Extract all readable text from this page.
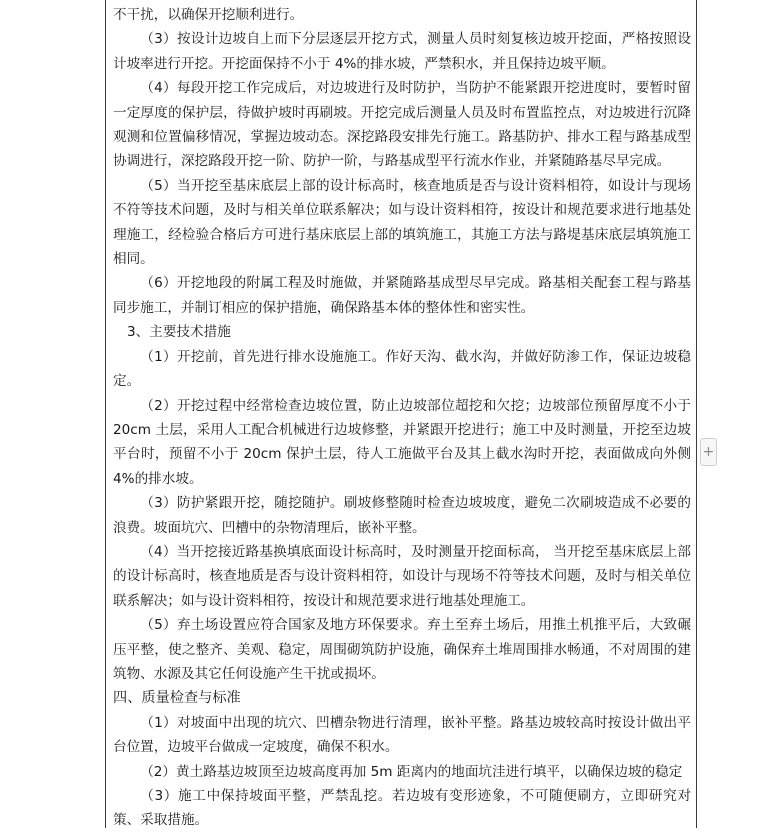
不干扰，以确保开挖顺利进行。

（3）按设计边坡自上而下分层逐层开挖方式，测量人员时刻复核边坡开挖面，严格按照设计坡率进行开挖。开挖面保持不小于 4%的排水坡，严禁积水，并且保持边坡平顺。

（4）每段开挖工作完成后，对边坡进行及时防护，当防护不能紧跟开挖进度时，要暂时留一定厚度的保护层，待做护坡时再刷坡。开挖完成后测量人员及时布置监控点，对边坡进行沉降观测和位置偏移情况，掌握边坡动态。深挖路段安排先行施工。路基防护、排水工程与路基成型协调进行，深挖路段开挖一阶、防护一阶，与路基成型平行流水作业，并紧随路基尽早完成。

（5）当开挖至基床底层上部的设计标高时，核查地质是否与设计资料相符，如设计与现场不符等技术问题，及时与相关单位联系解决；如与设计资料相符，按设计和规范要求进行地基处理施工，经检验合格后方可进行基床底层上部的填筑施工，其施工方法与路堤基床底层填筑施工相同。

（6）开挖地段的附属工程及时施做，并紧随路基成型尽早完成。路基相关配套工程与路基同步施工，并制订相应的保护措施，确保路基本体的整体性和密实性。

3、主要技术措施

（1）开挖前，首先进行排水设施施工。作好天沟、截水沟，并做好防渗工作，保证边坡稳定。

（2）开挖过程中经常检查边坡位置，防止边坡部位超挖和欠挖；边坡部位预留厚度不小于 20cm 土层，采用人工配合机械进行边坡修整，并紧跟开挖进行；施工中及时测量，开挖至边坡平台时，预留不小于 20cm 保护土层，待人工施做平台及其上截水沟时开挖，表面做成向外侧 4%的排水坡。

（3）防护紧跟开挖，随挖随护。刷坡修整随时检查边坡坡度，避免二次刷坡造成不必要的浪费。坡面坑穴、凹槽中的杂物清理后，嵌补平整。

（4）当开挖接近路基换填底面设计标高时，及时测量开挖面标高， 当开挖至基床底层上部的设计标高时，核查地质是否与设计资料相符，如设计与现场不符等技术问题，及时与相关单位联系解决；如与设计资料相符，按设计和规范要求进行地基处理施工。

（5）弃土场设置应符合国家及地方环保要求。弃土至弃土场后，用推土机推平后，大致碾压平整，使之整齐、美观、稳定，周围砌筑防护设施，确保弃土堆周围排水畅通，不对周围的建筑物、水源及其它任何设施产生干扰或损坏。

四、质量检查与标准

（1）对坡面中出现的坑穴、凹槽杂物进行清理，嵌补平整。路基边坡较高时按设计做出平台位置，边坡平台做成一定坡度，确保不积水。

（2）黄土路基边坡顶至边坡高度再加 5m 距离内的地面坑洼进行填平，以确保边坡的稳定

（3）施工中保持坡面平整，严禁乱挖。若边坡有变形迹象，不可随便刷方，立即研究对策、采取措施。

+
